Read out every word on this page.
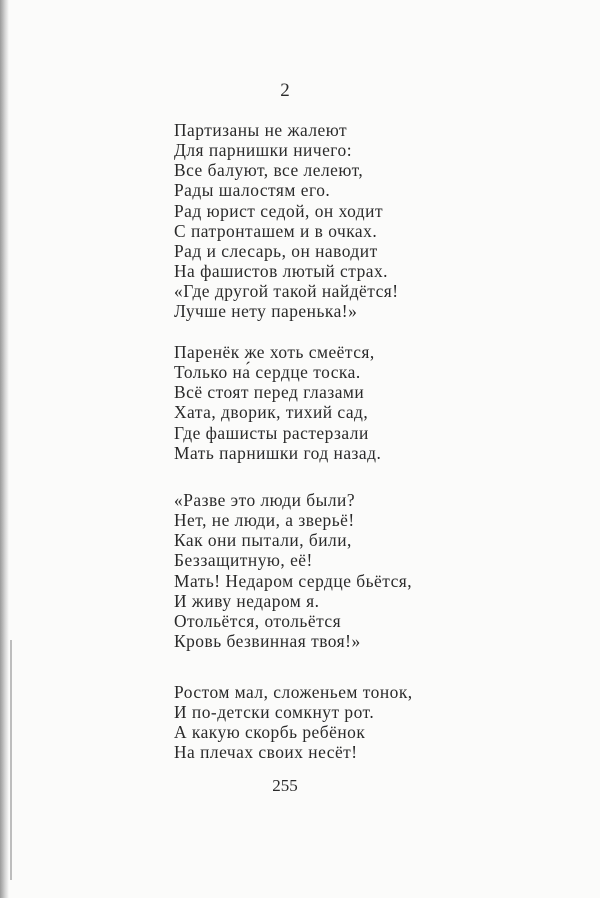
2
Партизаны не жалеют
Для парнишки ничего:
Все балуют, все лелеют,
Рады шалостям его.
Рад юрист седой, он ходит
С патронташем и в очках.
Рад и слесарь, он наводит
На фашистов лютый страх.
«Где другой такой найдётся!
Лучше нету паренька!»
Паренёк же хоть смеётся,
Только на́ сердце тоска.
Всё стоят перед глазами
Хата, дворик, тихий сад,
Где фашисты растерзали
Мать парнишки год назад.
«Разве это люди были?
Нет, не люди, а зверьё!
Как они пытали, били,
Беззащитную, её!
Мать! Недаром сердце бьётся,
И живу недаром я.
Отольётся, отольётся
Кровь безвинная твоя!»
Ростом мал, сложеньем тонок,
И по-детски сомкнут рот.
А какую скорбь ребёнок
На плечах своих несёт!
255
